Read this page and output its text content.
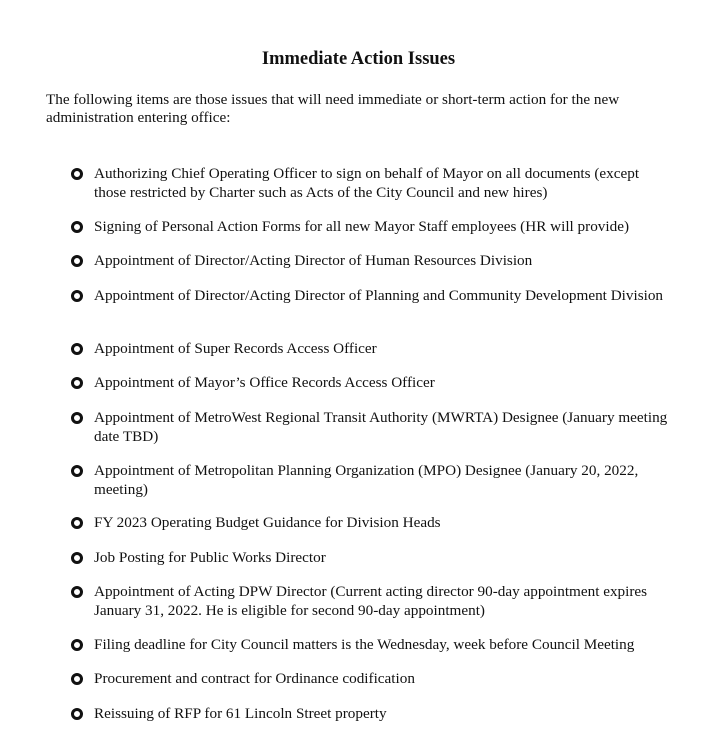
Immediate Action Issues

The following items are those issues that will need immediate or short-term action for the new administration entering office:

Authorizing Chief Operating Officer to sign on behalf of Mayor on all documents (except those restricted by Charter such as Acts of the City Council and new hires)
Signing of Personal Action Forms for all new Mayor Staff employees (HR will provide)
Appointment of Director/Acting Director of Human Resources Division
Appointment of Director/Acting Director of Planning and Community Development Division
Appointment of Super Records Access Officer
Appointment of Mayor’s Office Records Access Officer
Appointment of MetroWest Regional Transit Authority (MWRTA) Designee (January meeting date TBD)
Appointment of Metropolitan Planning Organization (MPO) Designee (January 20, 2022, meeting)
FY 2023 Operating Budget Guidance for Division Heads
Job Posting for Public Works Director
Appointment of Acting DPW Director (Current acting director 90-day appointment expires January 31, 2022. He is eligible for second 90-day appointment)
Filing deadline for City Council matters is the Wednesday, week before Council Meeting
Procurement and contract for Ordinance codification
Reissuing of RFP for 61 Lincoln Street property
